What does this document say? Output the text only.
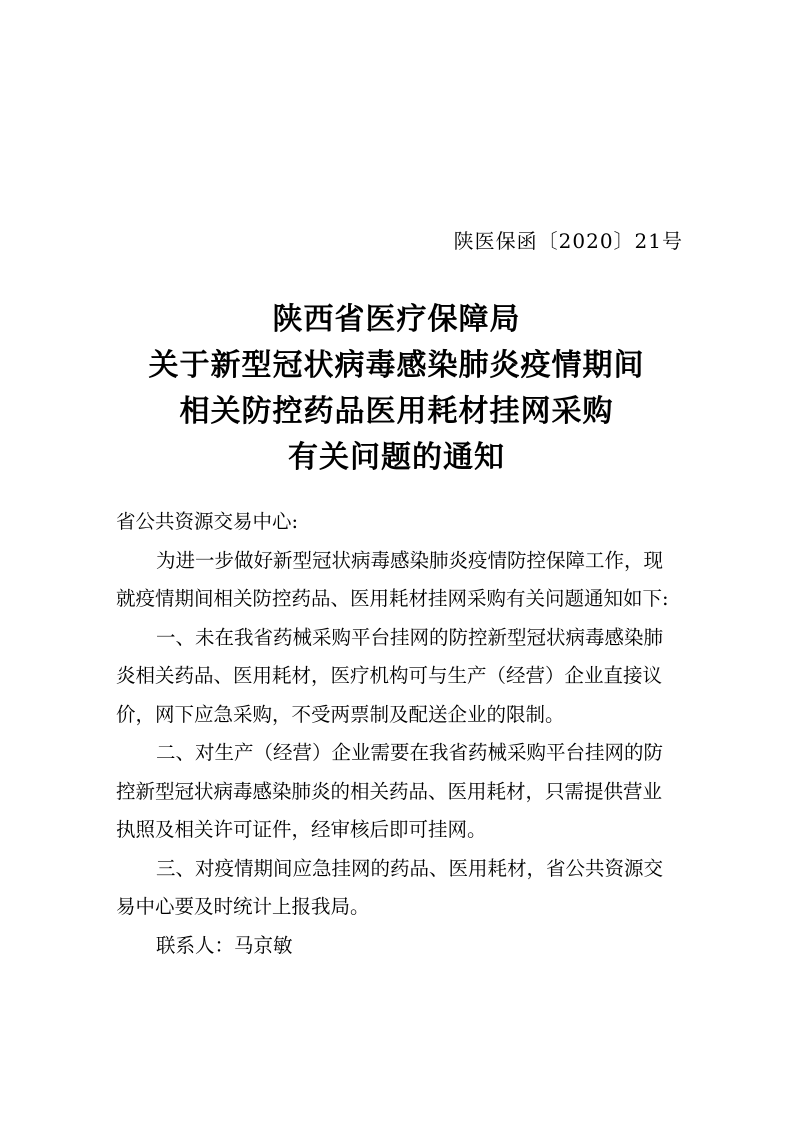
陕医保函〔2020〕21号
陕西省医疗保障局
关于新型冠状病毒感染肺炎疫情期间
相关防控药品医用耗材挂网采购
有关问题的通知

省公共资源交易中心:

为进一步做好新型冠状病毒感染肺炎疫情防控保障工作，现
就疫情期间相关防控药品、医用耗材挂网采购有关问题通知如下:
一、未在我省药械采购平台挂网的防控新型冠状病毒感染肺
炎相关药品、医用耗材，医疗机构可与生产（经营）企业直接议
价，网下应急采购，不受两票制及配送企业的限制。
二、对生产（经营）企业需要在我省药械采购平台挂网的防
控新型冠状病毒感染肺炎的相关药品、医用耗材，只需提供营业
执照及相关许可证件，经审核后即可挂网。
三、对疫情期间应急挂网的药品、医用耗材，省公共资源交
易中心要及时统计上报我局。
联系人：马京敏
